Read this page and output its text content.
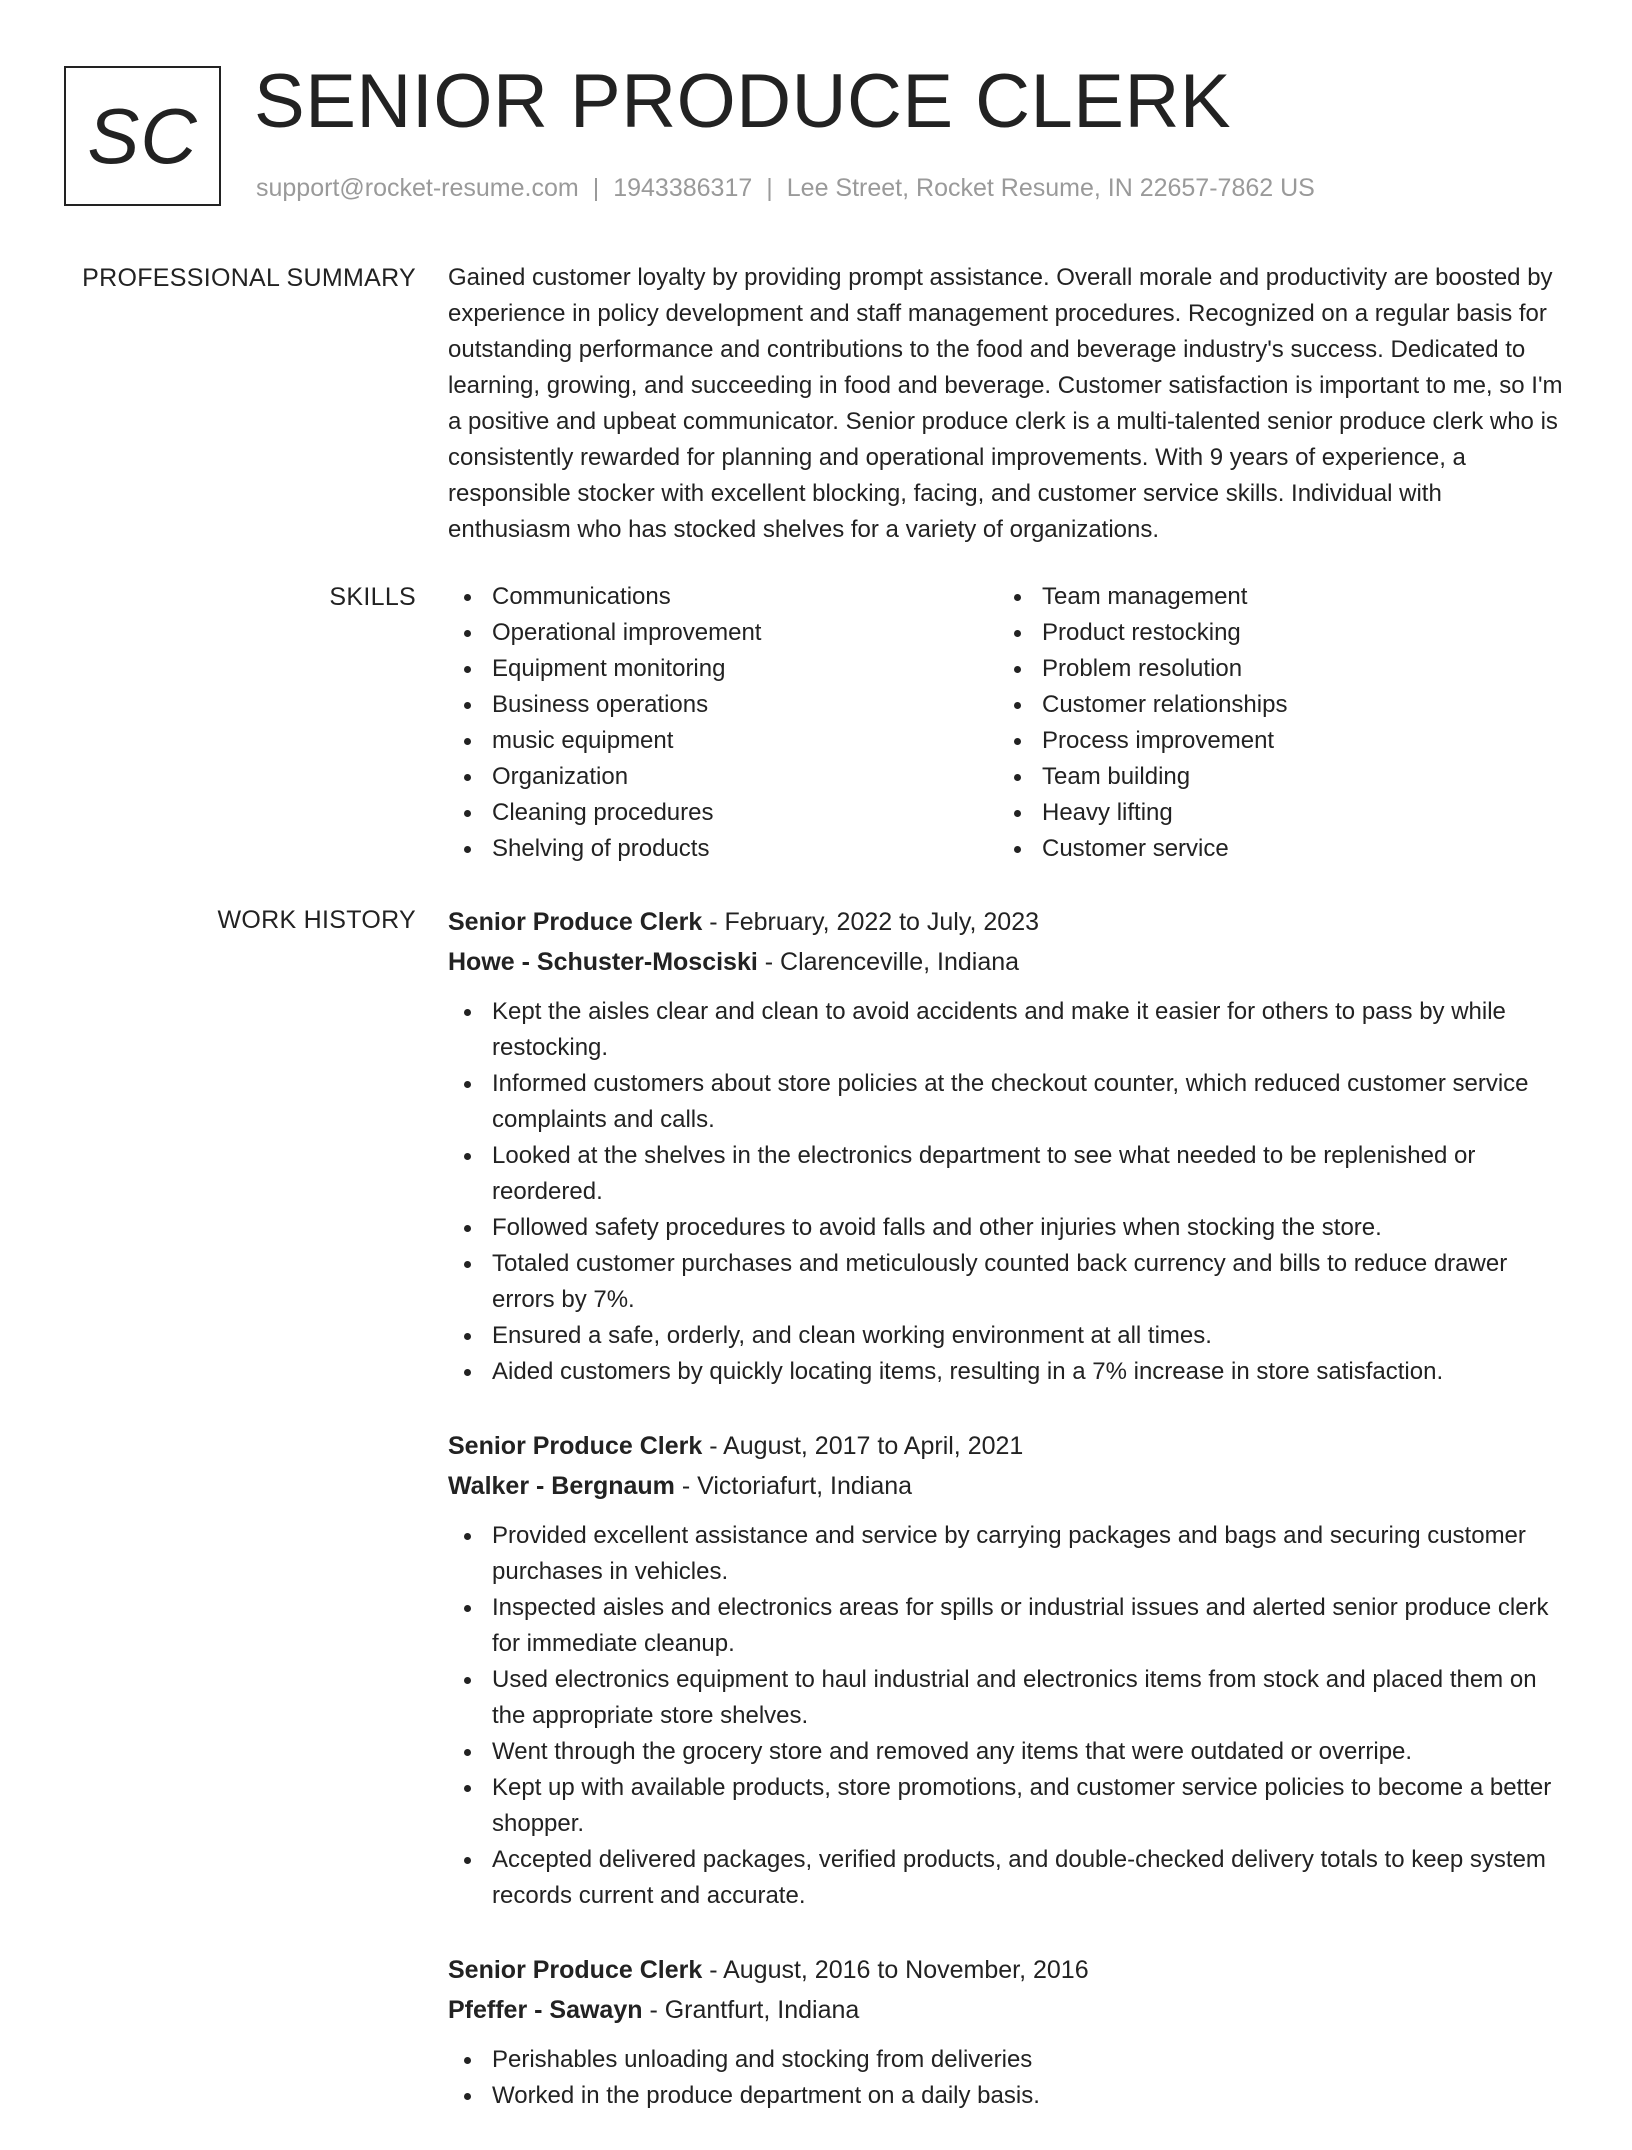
SC SENIOR PRODUCE CLERK
support@rocket-resume.com | 1943386317 | Lee Street, Rocket Resume, IN 22657-7862 US
PROFESSIONAL SUMMARY Gained customer loyalty by providing prompt assistance. Overall morale and productivity are boosted by experience in policy development and staff management procedures. Recognized on a regular basis for outstanding performance and contributions to the food and beverage industry's success. Dedicated to learning, growing, and succeeding in food and beverage. Customer satisfaction is important to me, so I'm a positive and upbeat communicator. Senior produce clerk is a multi-talented senior produce clerk who is consistently rewarded for planning and operational improvements. With 9 years of experience, a responsible stocker with excellent blocking, facing, and customer service skills. Individual with enthusiasm who has stocked shelves for a variety of organizations.

SKILLS	Communications
Operational improvement
Equipment monitoring
Business operations
music equipment
Organization
Cleaning procedures
Shelving of products
Team management
Product restocking
Problem resolution
Customer relationships
Process improvement
Team building
Heavy lifting
Customer service
WORK HISTORY Senior Produce Clerk - February, 2022 to July, 2023
Howe - Schuster-Mosciski - Clarenceville, Indiana
Kept the aisles clear and clean to avoid accidents and make it easier for others to pass by while restocking.
Informed customers about store policies at the checkout counter, which reduced customer service complaints and calls.
Looked at the shelves in the electronics department to see what needed to be replenished or reordered.
Followed safety procedures to avoid falls and other injuries when stocking the store.
Totaled customer purchases and meticulously counted back currency and bills to reduce drawer errors by 7%.
Ensured a safe, orderly, and clean working environment at all times.
Aided customers by quickly locating items, resulting in a 7% increase in store satisfaction.
Senior Produce Clerk - August, 2017 to April, 2021
Walker - Bergnaum - Victoriafurt, Indiana
Provided excellent assistance and service by carrying packages and bags and securing customer purchases in vehicles.
Inspected aisles and electronics areas for spills or industrial issues and alerted senior produce clerk for immediate cleanup.
Used electronics equipment to haul industrial and electronics items from stock and placed them on the appropriate store shelves.
Went through the grocery store and removed any items that were outdated or overripe.
Kept up with available products, store promotions, and customer service policies to become a better shopper.
Accepted delivered packages, verified products, and double-checked delivery totals to keep system records current and accurate.
Senior Produce Clerk - August, 2016 to November, 2016
Pfeffer - Sawayn - Grantfurt, Indiana
Perishables unloading and stocking from deliveries
Worked in the produce department on a daily basis.
